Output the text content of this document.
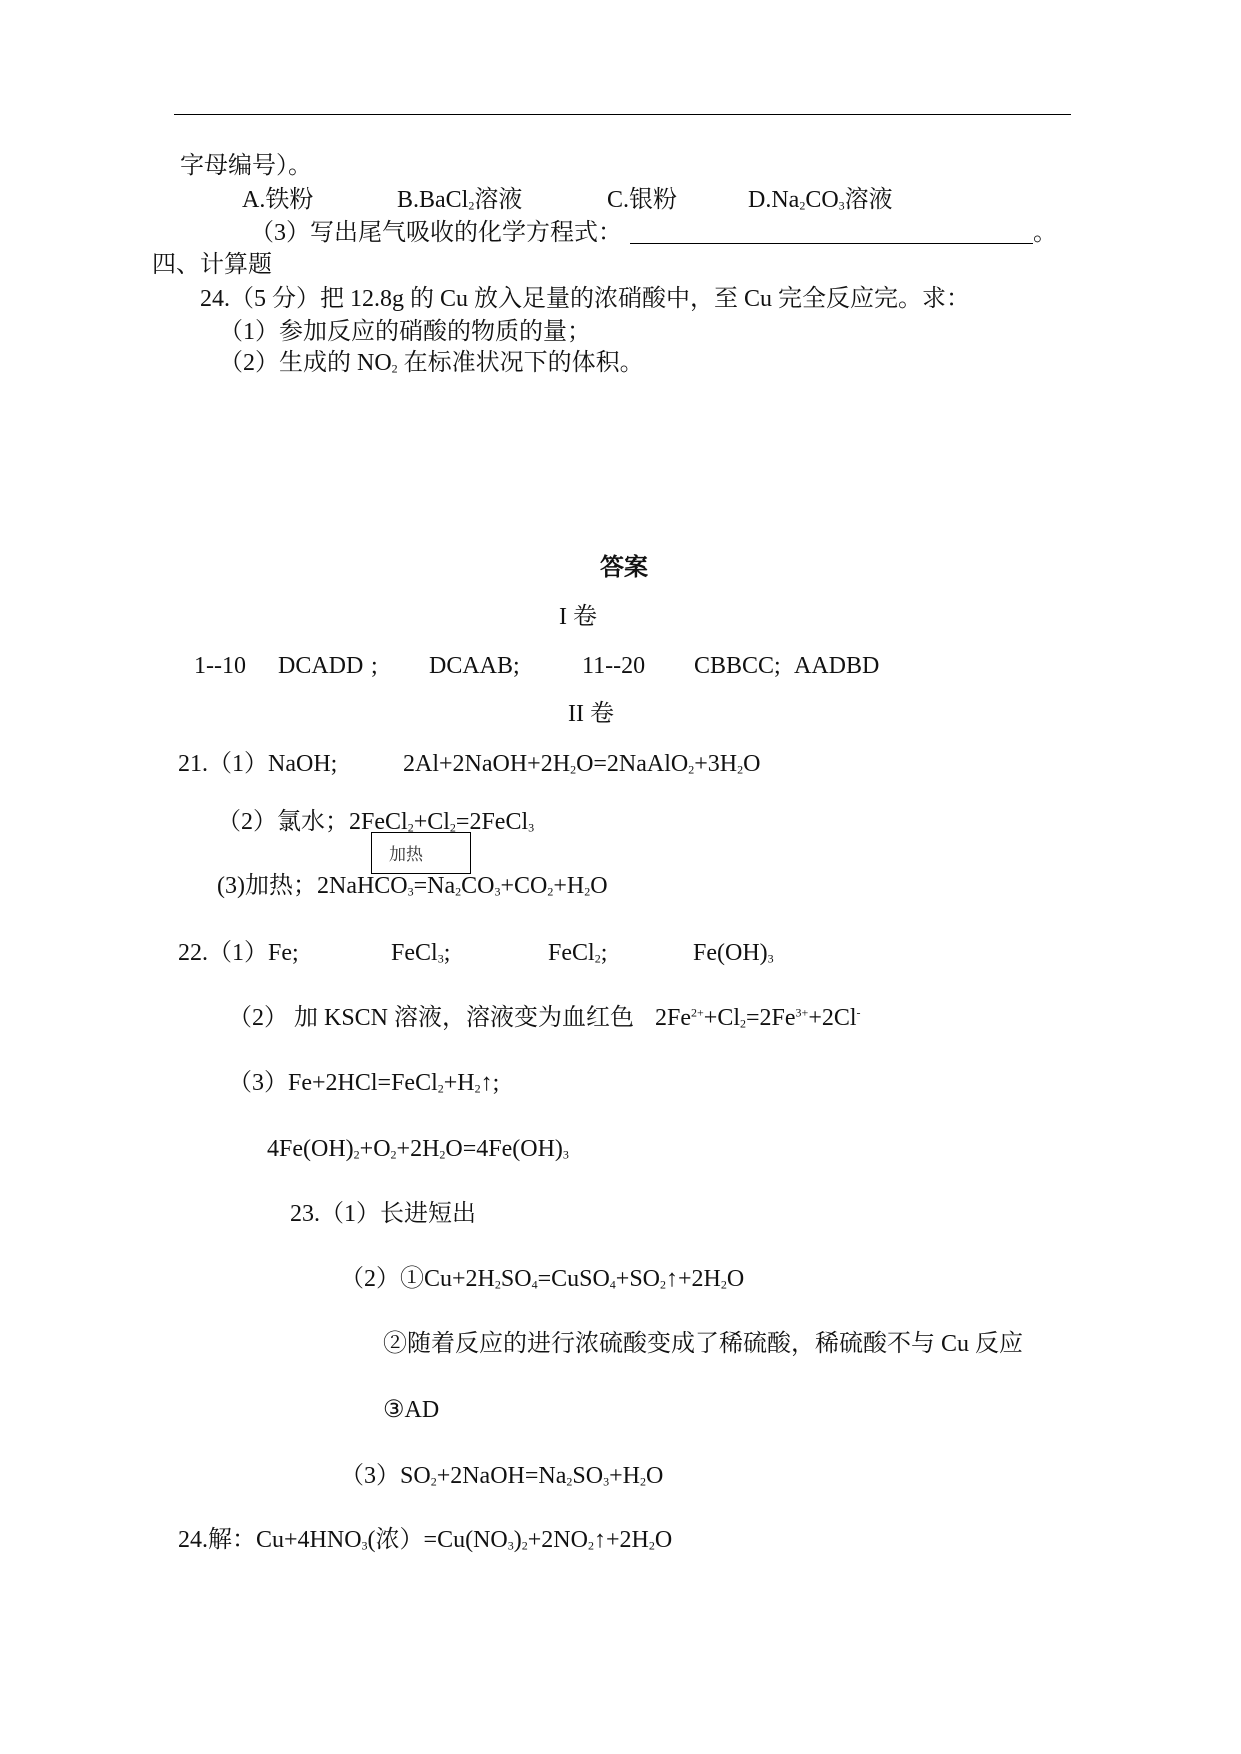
字母编号）。
A.铁粉	B.BaCl$_2$溶液	C.银粉	$D.Na_2CO_3$溶液
（3）写出尾气吸收的化学方程式：	。
四、计算题
24.（5 分）把 12.8g 的 Cu 放入足量的浓硝酸中，至 Cu 完全反应完。求：
（1）参加反应的硝酸的物质的量；
（2）生成的 $NO_2$ 在标准状况下的体积。
答案
I 卷
1--10 DCADD ; DCAAB;	11--20 CBBCC; AADBD
II 卷
21.（1）NaOH;	$2Al+2NaOH+2H_2O=2NaAlO_2+3H_2O$
（2）氯水；$2FeCl_2+Cl_2=2FeCl_3$
加热
(3)加热；$2NaHCO_3=Na_2CO_3+CO_2+H_2O$
22.（1）Fe;	FeCl$_3$;	FeCl$_2$;	$Fe(OH)_3$
（2） 加 KSCN 溶液，溶液变为血红色 $2Fe^{2+}+Cl_2=2Fe^{3+}+2Cl^-$
$(3)Fe+2HCl=FeCl_2+H_2↑$;
$4Fe(OH)_2+O_2+2H_2O=4Fe(OH)_3$
23.（1）长进短出
$(2)①Cu+2H_2SO_4=CuSO_4+SO_2↑+2H_2O$
②随着反应的进行浓硫酸变成了稀硫酸，稀硫酸不与 Cu 反应
③AD
$(3)SO_2+2NaOH=Na_2SO_3+H_2O$
24.解：$Cu+4HNO_3$(浓）$=Cu(NO_3)_2+2NO_2↑+2H_2O$
